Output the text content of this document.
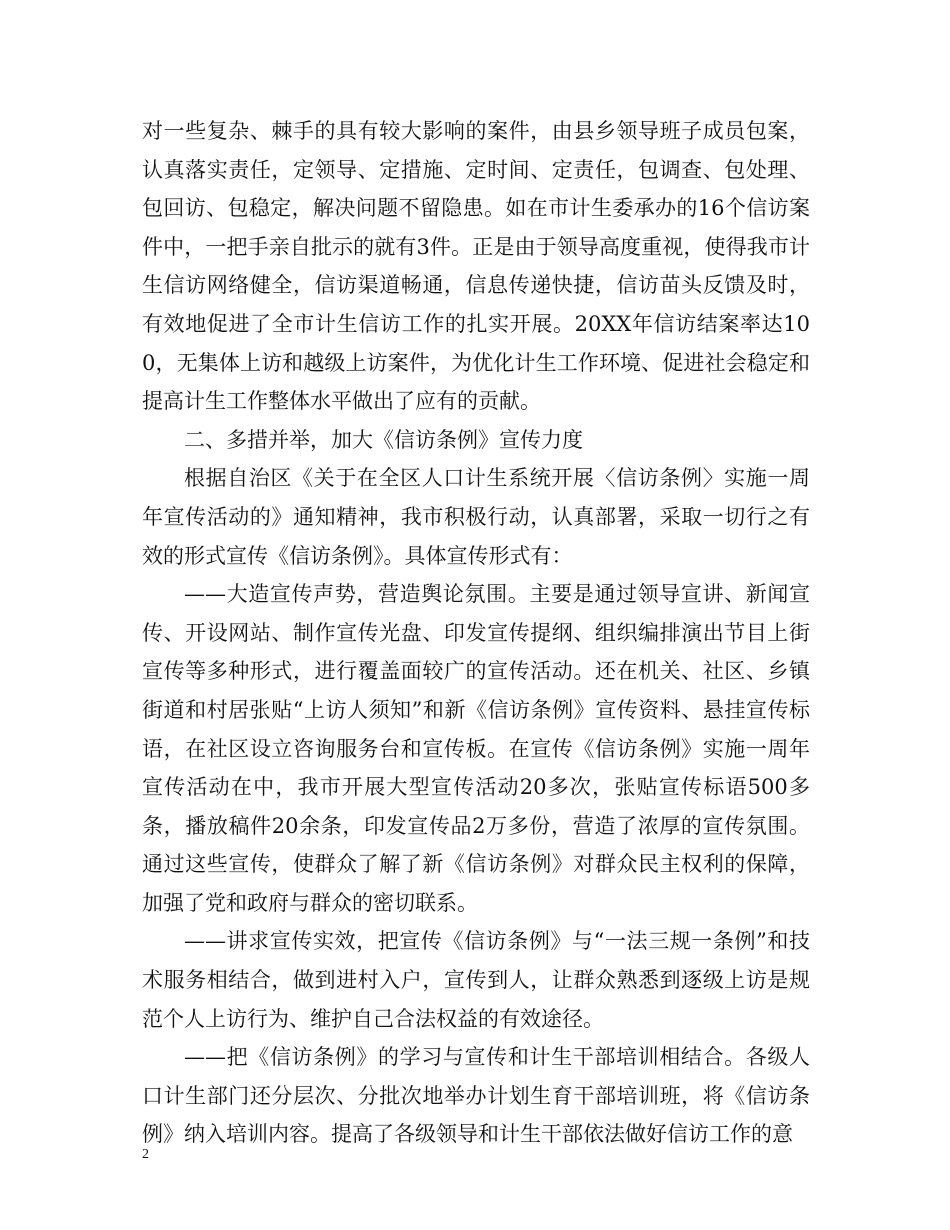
对一些复杂、棘手的具有较大影响的案件，由县乡领导班子成员包案，认真落实责任，定领导、定措施、定时间、定责任，包调查、包处理、包回访、包稳定，解决问题不留隐患。如在市计生委承办的16个信访案件中，一把手亲自批示的就有3件。正是由于领导高度重视，使得我市计生信访网络健全，信访渠道畅通，信息传递快捷，信访苗头反馈及时，有效地促进了全市计生信访工作的扎实开展。20XX年信访结案率达100，无集体上访和越级上访案件，为优化计生工作环境、促进社会稳定和提高计生工作整体水平做出了应有的贡献。

二、多措并举，加大《信访条例》宣传力度

根据自治区《关于在全区人口计生系统开展〈信访条例〉实施一周年宣传活动的》通知精神，我市积极行动，认真部署，采取一切行之有效的形式宣传《信访条例》。具体宣传形式有：

——大造宣传声势，营造舆论氛围。主要是通过领导宣讲、新闻宣传、开设网站、制作宣传光盘、印发宣传提纲、组织编排演出节目上街宣传等多种形式，进行覆盖面较广的宣传活动。还在机关、社区、乡镇街道和村居张贴“上访人须知”和新《信访条例》宣传资料、悬挂宣传标语，在社区设立咨询服务台和宣传板。在宣传《信访条例》实施一周年宣传活动在中，我市开展大型宣传活动20多次，张贴宣传标语500多条，播放稿件20余条，印发宣传品2万多份，营造了浓厚的宣传氛围。通过这些宣传，使群众了解了新《信访条例》对群众民主权利的保障，加强了党和政府与群众的密切联系。

——讲求宣传实效，把宣传《信访条例》与“一法三规一条例”和技术服务相结合，做到进村入户，宣传到人，让群众熟悉到逐级上访是规范个人上访行为、维护自己合法权益的有效途径。

——把《信访条例》的学习与宣传和计生干部培训相结合。各级人口计生部门还分层次、分批次地举办计划生育干部培训班，将《信访条例》纳入培训内容。提高了各级领导和计生干部依法做好信访工作的意

2
